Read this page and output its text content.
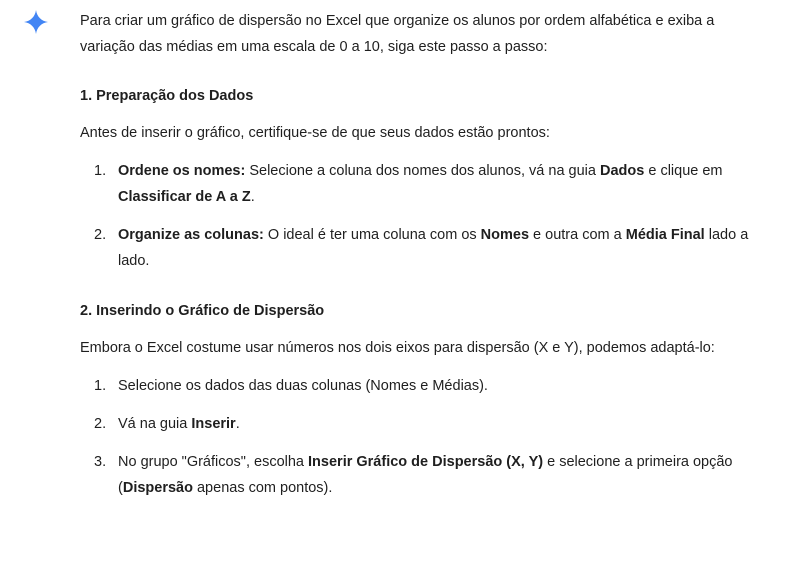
Para criar um gráfico de dispersão no Excel que organize os alunos por ordem alfabética e exiba a variação das médias em uma escala de 0 a 10, siga este passo a passo:

1. Preparação dos Dados

Antes de inserir o gráfico, certifique-se de que seus dados estão prontos:

1. Ordene os nomes: Selecione a coluna dos nomes dos alunos, vá na guia Dados e clique em Classificar de A a Z.
2. Organize as colunas: O ideal é ter uma coluna com os Nomes e outra com a Média Final lado a lado.

2. Inserindo o Gráfico de Dispersão

Embora o Excel costume usar números nos dois eixos para dispersão (X e Y), podemos adaptá-lo:

1. Selecione os dados das duas colunas (Nomes e Médias).
2. Vá na guia Inserir.
3. No grupo "Gráficos", escolha Inserir Gráfico de Dispersão (X, Y) e selecione a primeira opção (Dispersão apenas com pontos).
